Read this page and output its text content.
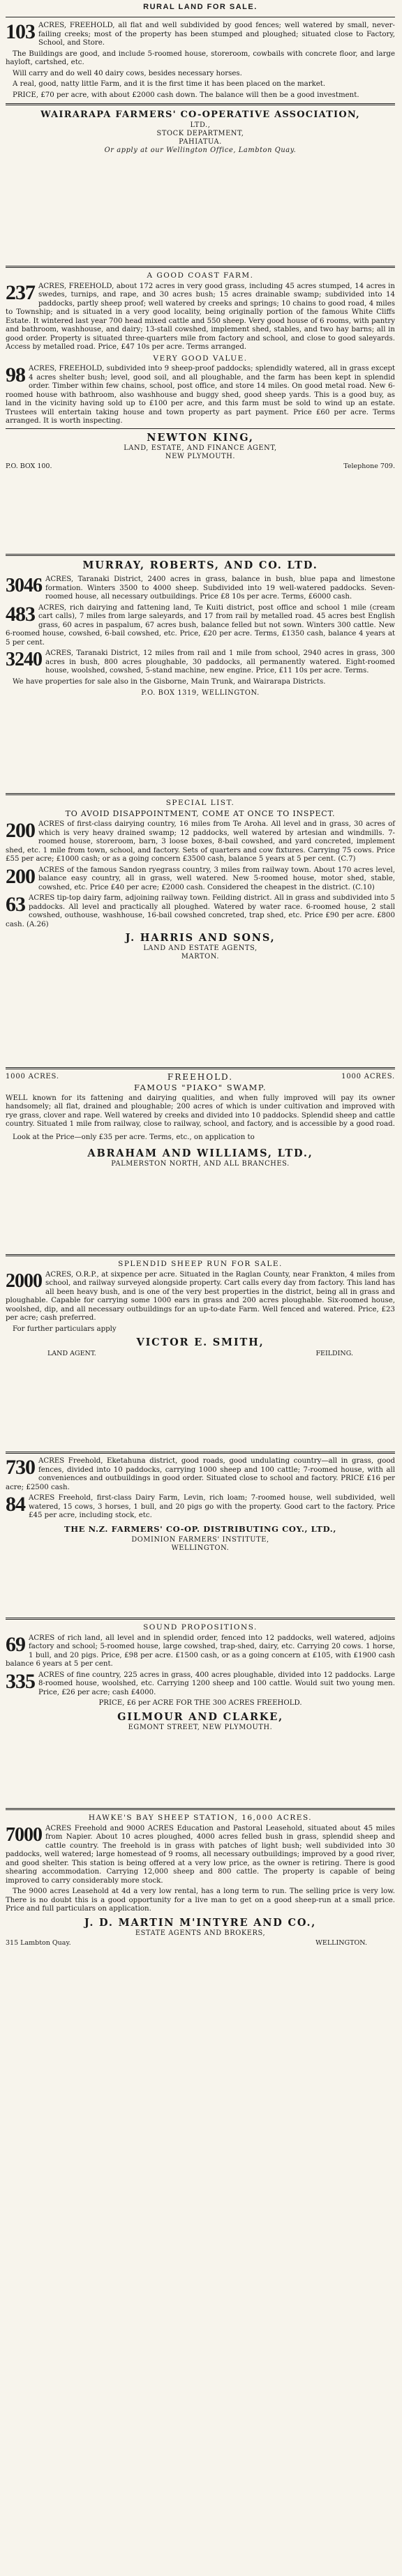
RURAL LAND FOR SALE.

103 ACRES, FREEHOLD, all flat and well subdivided by good fences; well watered by small, never-failing creeks; most of the property has been stumped and ploughed; situated close to Factory, School, and Store.

The Buildings are good, and include 5-roomed house, storeroom, cowbails with concrete floor, and large hayloft, cartshed, etc.

Will carry and do well 40 dairy cows, besides necessary horses.

A real, good, natty little Farm, and it is the first time it has been placed on the market.

PRICE, £70 per acre, with about £2000 cash down. The balance will then be a good investment.

WAIRARAPA FARMERS' CO-OPERATIVE ASSOCIATION,
LTD.,
STOCK DEPARTMENT,
PAHIATUA.
Or apply at our Wellington Office, Lambton Quay.
A GOOD COAST FARM.

237 ACRES, FREEHOLD, about 172 acres in very good grass, including 45 acres stumped, 14 acres in swedes, turnips, and rape, and 30 acres bush; 15 acres drainable swamp; subdivided into 14 paddocks, partly sheep proof; well watered by creeks and springs; 10 chains to good road, 4 miles to Township; and is situated in a very good locality, being originally portion of the famous White Cliffs Estate. It wintered last year 700 head mixed cattle and 550 sheep. Very good house of 6 rooms, with pantry and bathroom, washhouse, and dairy; 13-stall cowshed, implement shed, stables, and two hay barns; all in good order. Property is situated three-quarters mile from factory and school, and close to good saleyards. Access by metalled road. Price, £47 10s per acre. Terms arranged.

VERY GOOD VALUE.

98 ACRES, FREEHOLD, subdivided into 9 sheep-proof paddocks; splendidly watered, all in grass except 4 acres shelter bush; level, good soil, and all ploughable, and the farm has been kept in splendid order. Timber within few chains, school, post office, and store 14 miles. On good metal road. New 6-roomed house with bathroom, also washhouse and buggy shed, good sheep yards. This is a good buy, as land in the vicinity having sold up to £100 per acre, and this farm must be sold to wind up an estate. Trustees will entertain taking house and town property as part payment. Price £60 per acre. Terms arranged. It is worth inspecting.

NEWTON KING,
LAND, ESTATE, AND FINANCE AGENT,
NEW PLYMOUTH.
P.O. BOX 100.	Telephone 709.
MURRAY, ROBERTS, AND CO. LTD.

3046 ACRES, Taranaki District, 2400 acres in grass, balance in bush, blue papa and limestone formation. Winters 3500 to 4000 sheep. Subdivided into 19 well-watered paddocks. Seven-roomed house, all necessary outbuildings. Price £8 10s per acre. Terms, £6000 cash.

483 ACRES, rich dairying and fattening land, Te Kuiti district, post office and school 1 mile (cream cart calls), 7 miles from large saleyards, and 17 from rail by metalled road. 45 acres best English grass, 60 acres in paspalum, 67 acres bush, balance felled but not sown. Winters 300 cattle. New 6-roomed house, cowshed, 6-bail cowshed, etc. Price, £20 per acre. Terms, £1350 cash, balance 4 years at 5 per cent.

3240 ACRES, Taranaki District, 12 miles from rail and 1 mile from school, 2940 acres in grass, 300 acres in bush, 800 acres ploughable, 30 paddocks, all permanently watered. Eight-roomed house, woolshed, cowshed, 5-stand machine, new engine. Price, £11 10s per acre. Terms.

We have properties for sale also in the Gisborne, Main Trunk, and Wairarapa Districts.

P.O. BOX 1319, WELLINGTON.
SPECIAL LIST.
TO AVOID DISAPPOINTMENT, COME AT ONCE TO INSPECT.

200 ACRES of first-class dairying country, 16 miles from Te Aroha. All level and in grass, 30 acres of which is very heavy drained swamp; 12 paddocks, well watered by artesian and windmills. 7-roomed house, storeroom, barn, 3 loose boxes, 8-bail cowshed, and yard concreted, implement shed, etc. 1 mile from town, school, and factory. Sets of quarters and cow fixtures. Carrying 75 cows. Price £55 per acre; £1000 cash; or as a going concern £3500 cash, balance 5 years at 5 per cent. (C.7)

200 ACRES of the famous Sandon ryegrass country, 3 miles from railway town. About 170 acres level, balance easy country, all in grass, well watered. New 5-roomed house, motor shed, stable, cowshed, etc. Price £40 per acre; £2000 cash. Considered the cheapest in the district. (C.10)

63 ACRES tip-top dairy farm, adjoining railway town. Feilding district. All in grass and subdivided into 5 paddocks. All level and practically all ploughed. Watered by water race. 6-roomed house, 2 stall cowshed, outhouse, washhouse, 16-bail cowshed concreted, trap shed, etc. Price £90 per acre. £800 cash. (A.26)

J. HARRIS AND SONS,
LAND AND ESTATE AGENTS,
MARTON.
1000 ACRES.	FREEHOLD.	1000 ACRES.
FAMOUS "PIAKO" SWAMP.

WELL known for its fattening and dairying qualities, and when fully improved will pay its owner handsomely; all flat, drained and ploughable; 200 acres of which is under cultivation and improved with rye grass, clover and rape. Well watered by creeks and divided into 10 paddocks. Splendid sheep and cattle country. Situated 1 mile from railway, close to railway, school, and factory, and is accessible by a good road.

Look at the Price—only £35 per acre. Terms, etc., on application to

ABRAHAM AND WILLIAMS, LTD.,
PALMERSTON NORTH, AND ALL BRANCHES.
SPLENDID SHEEP RUN FOR SALE.

2000 ACRES, O.R.P., at sixpence per acre. Situated in the Raglan County, near Frankton, 4 miles from school, and railway surveyed alongside property. Cart calls every day from factory. This land has all been heavy bush, and is one of the very best properties in the district, being all in grass and ploughable. Capable for carrying some 1000 ears in grass and 200 acres ploughable. Six-roomed house, woolshed, dip, and all necessary outbuildings for an up-to-date Farm. Well fenced and watered. Price, £23 per acre; cash preferred.

For further particulars apply

VICTOR E. SMITH,
LAND AGENT.	FEILDING.

730 ACRES Freehold, Eketahuna district, good roads, good undulating country—all in grass, good fences, divided into 10 paddocks, carrying 1000 sheep and 100 cattle; 7-roomed house, with all conveniences and outbuildings in good order. Situated close to school and factory. PRICE £16 per acre; £2500 cash.

84 ACRES Freehold, first-class Dairy Farm, Levin, rich loam; 7-roomed house, well subdivided, well watered, 15 cows, 3 horses, 1 bull, and 20 pigs go with the property. Good cart to the factory. Price £45 per acre, including stock, etc.

THE N.Z. FARMERS' CO-OP. DISTRIBUTING COY., LTD.,
DOMINION FARMERS' INSTITUTE,
WELLINGTON.
SOUND PROPOSITIONS.

69 ACRES of rich land, all level and in splendid order, fenced into 12 paddocks, well watered, adjoins factory and school; 5-roomed house, large cowshed, trap-shed, dairy, etc. Carrying 20 cows. 1 horse, 1 bull, and 20 pigs. Price, £98 per acre. £1500 cash, or as a going concern at £105, with £1900 cash balance 6 years at 5 per cent.

335 ACRES of fine country, 225 acres in grass, 400 acres ploughable, divided into 12 paddocks. Large 8-roomed house, woolshed, etc. Carrying 1200 sheep and 100 cattle. Would suit two young men. Price, £26 per acre; cash £4000.

PRICE, £6 per ACRE FOR THE 300 ACRES FREEHOLD.

GILMOUR AND CLARKE,
EGMONT STREET, NEW PLYMOUTH.
HAWKE'S BAY SHEEP STATION, 16,000 ACRES.

7000 ACRES Freehold and 9000 ACRES Education and Pastoral Leasehold, situated about 45 miles from Napier. About 10 acres ploughed, 4000 acres felled bush in grass, splendid sheep and cattle country. The freehold is in grass with patches of light bush; well subdivided into 30 paddocks, well watered; large homestead of 9 rooms, all necessary outbuildings; improved by a good river, and good shelter. This station is being offered at a very low price, as the owner is retiring. There is good shearing accommodation. Carrying 12,000 sheep and 800 cattle. The property is capable of being improved to carry considerably more stock.

The 9000 acres Leasehold at 4d a very low rental, has a long term to run. The selling price is very low. There is no doubt this is a good opportunity for a live man to get on a good sheep-run at a small price. Price and full particulars on application.

J. D. MARTIN M'INTYRE AND CO.,
ESTATE AGENTS AND BROKERS,
315 Lambton Quay.	WELLINGTON.
